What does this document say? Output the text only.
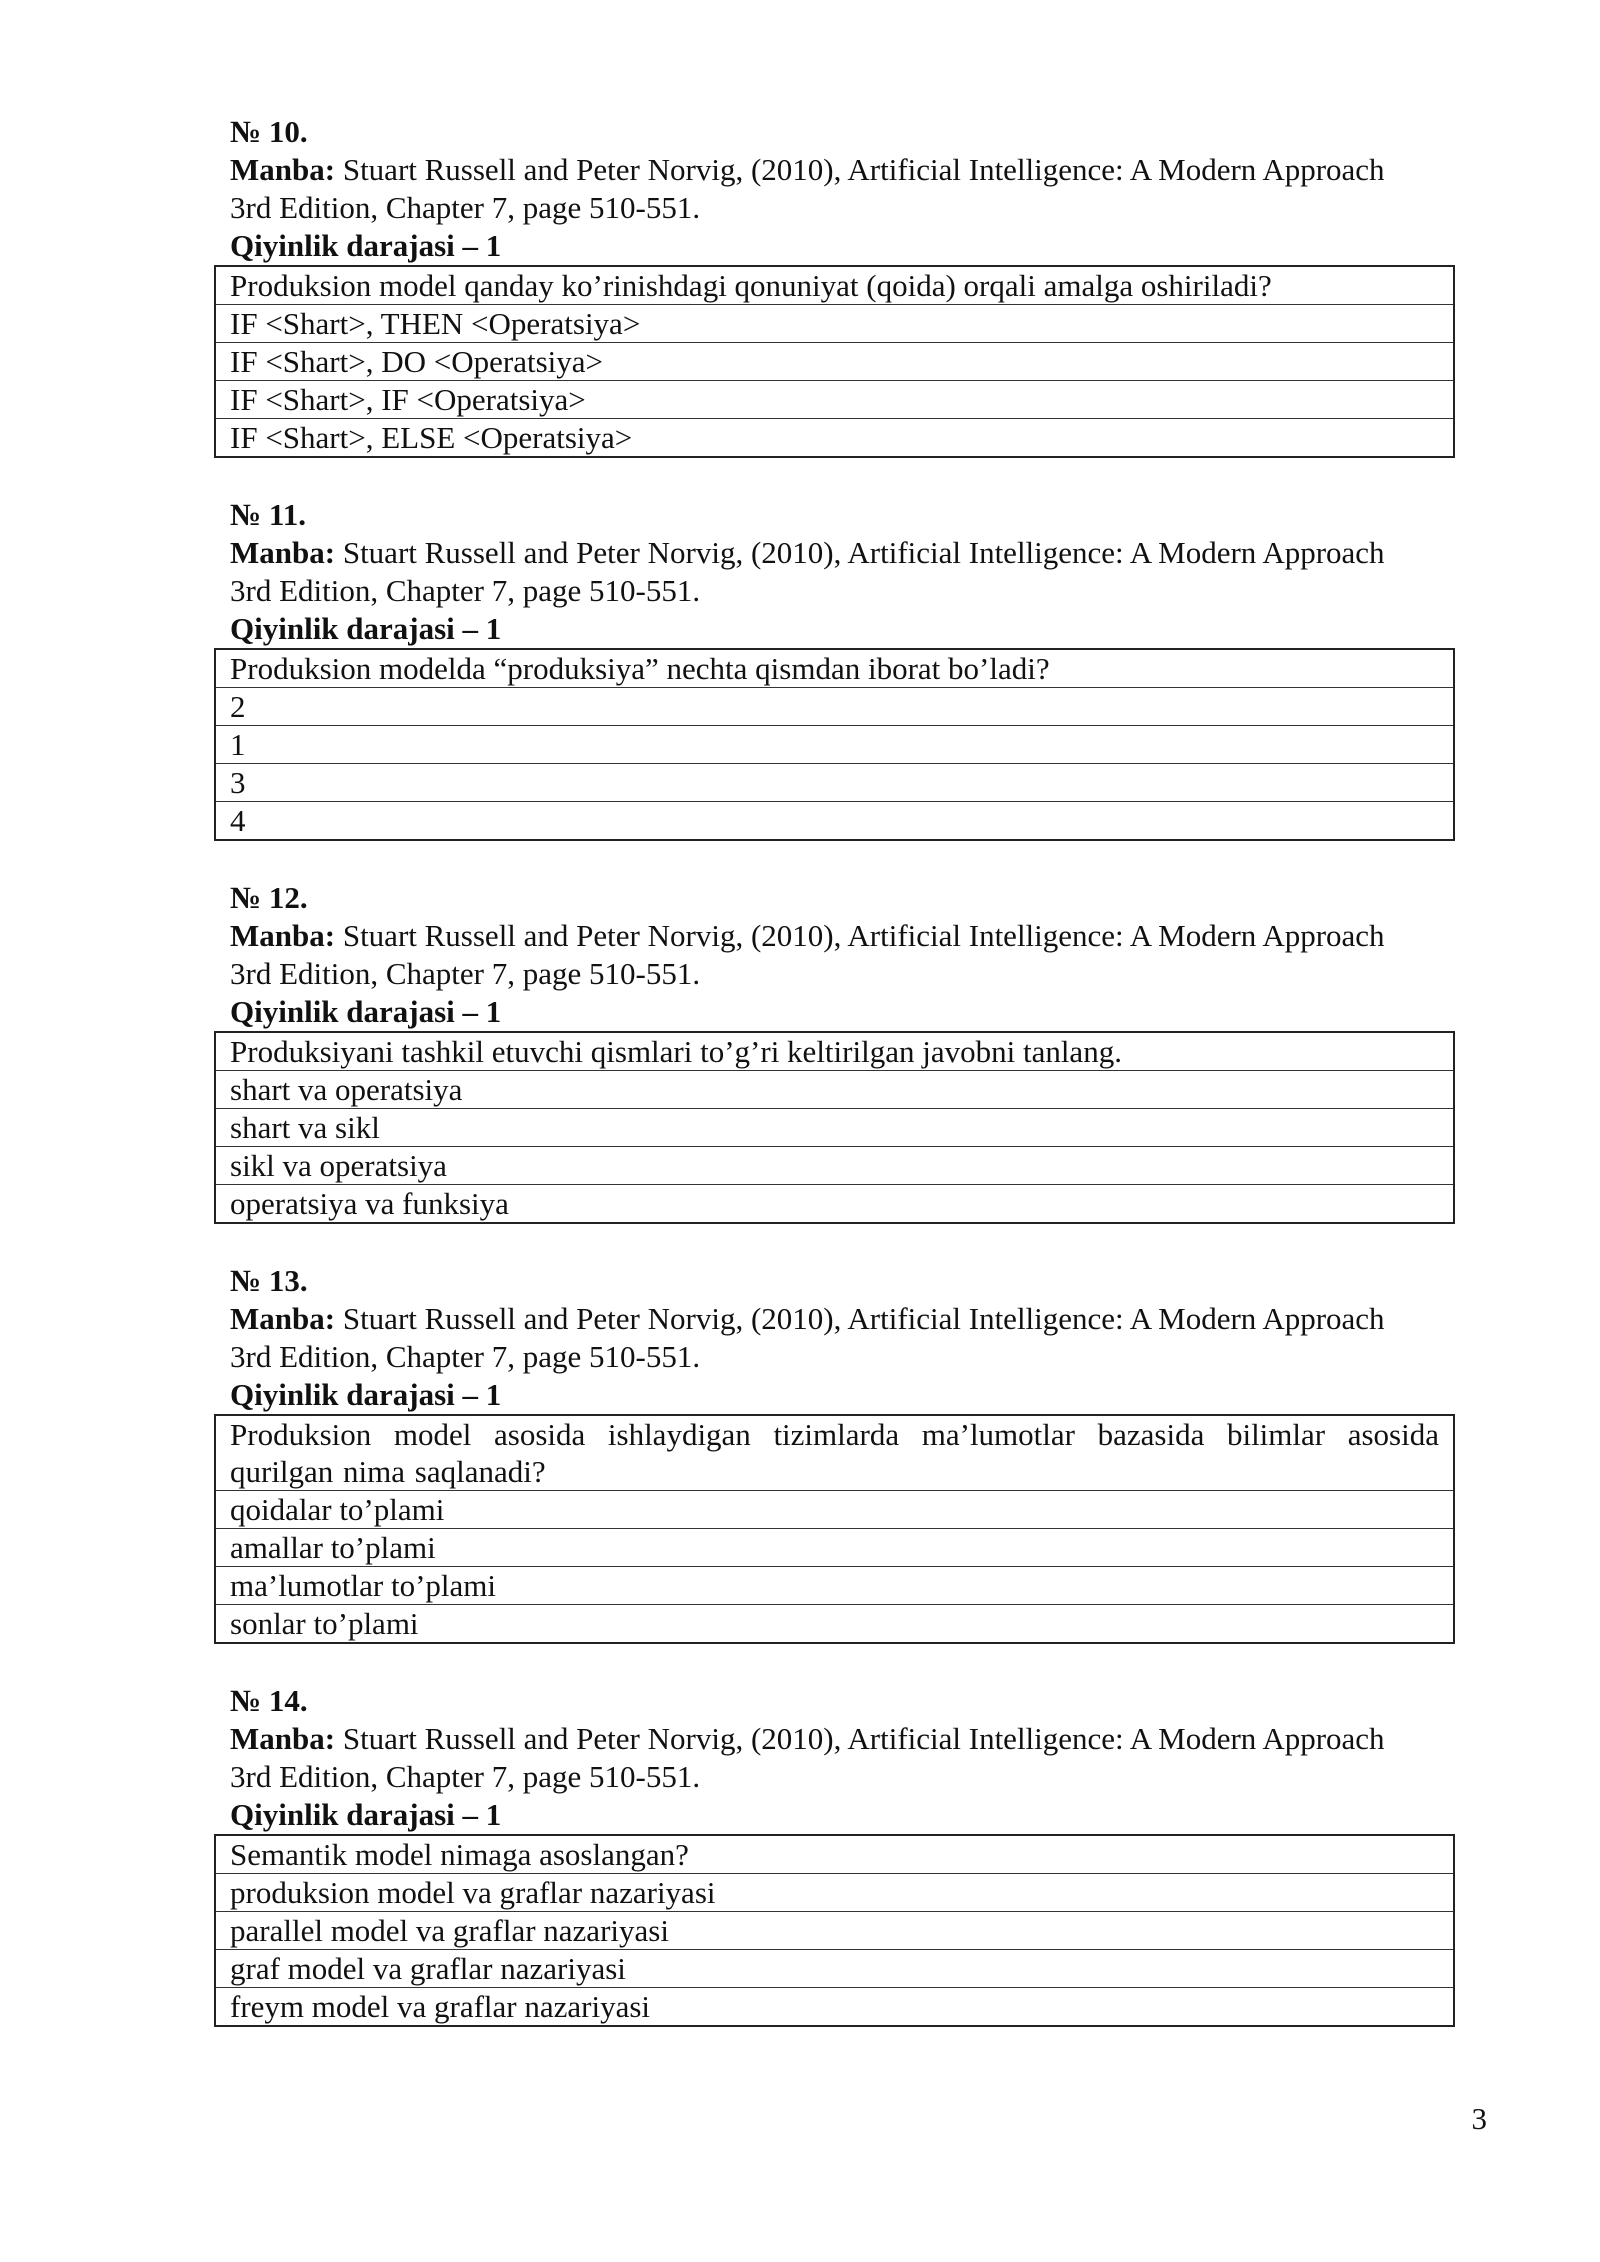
№ 10.
Manba: Stuart Russell and Peter Norvig, (2010), Artificial Intelligence: A Modern Approach
3rd Edition, Chapter 7, page 510-551.
Qiyinlik darajasi – 1
Produksion model qanday ko’rinishdagi qonuniyat (qoida) orqali amalga oshiriladi?
IF <Shart>, THEN <Operatsiya>
IF <Shart>, DO <Operatsiya>
IF <Shart>, IF <Operatsiya>
IF <Shart>, ELSE <Operatsiya>
№ 11.
Manba: Stuart Russell and Peter Norvig, (2010), Artificial Intelligence: A Modern Approach
3rd Edition, Chapter 7, page 510-551.
Qiyinlik darajasi – 1
Produksion modelda “produksiya” nechta qismdan iborat bo’ladi?
2
1
3
4
№ 12.
Manba: Stuart Russell and Peter Norvig, (2010), Artificial Intelligence: A Modern Approach
3rd Edition, Chapter 7, page 510-551.
Qiyinlik darajasi – 1
Produksiyani tashkil etuvchi qismlari to’g’ri keltirilgan javobni tanlang.
shart va operatsiya
shart va sikl
sikl va operatsiya
operatsiya va funksiya
№ 13.
Manba: Stuart Russell and Peter Norvig, (2010), Artificial Intelligence: A Modern Approach
3rd Edition, Chapter 7, page 510-551.
Qiyinlik darajasi – 1
Produksion model asosida ishlaydigan tizimlarda ma’lumotlar bazasida bilimlar asosida qurilgan nima saqlanadi?
qoidalar to’plami
amallar to’plami
ma’lumotlar to’plami
sonlar to’plami
№ 14.
Manba: Stuart Russell and Peter Norvig, (2010), Artificial Intelligence: A Modern Approach
3rd Edition, Chapter 7, page 510-551.
Qiyinlik darajasi – 1
Semantik model nimaga asoslangan?
produksion model va graflar nazariyasi
parallel model va graflar nazariyasi
graf model va graflar nazariyasi
freym model va graflar nazariyasi
3
